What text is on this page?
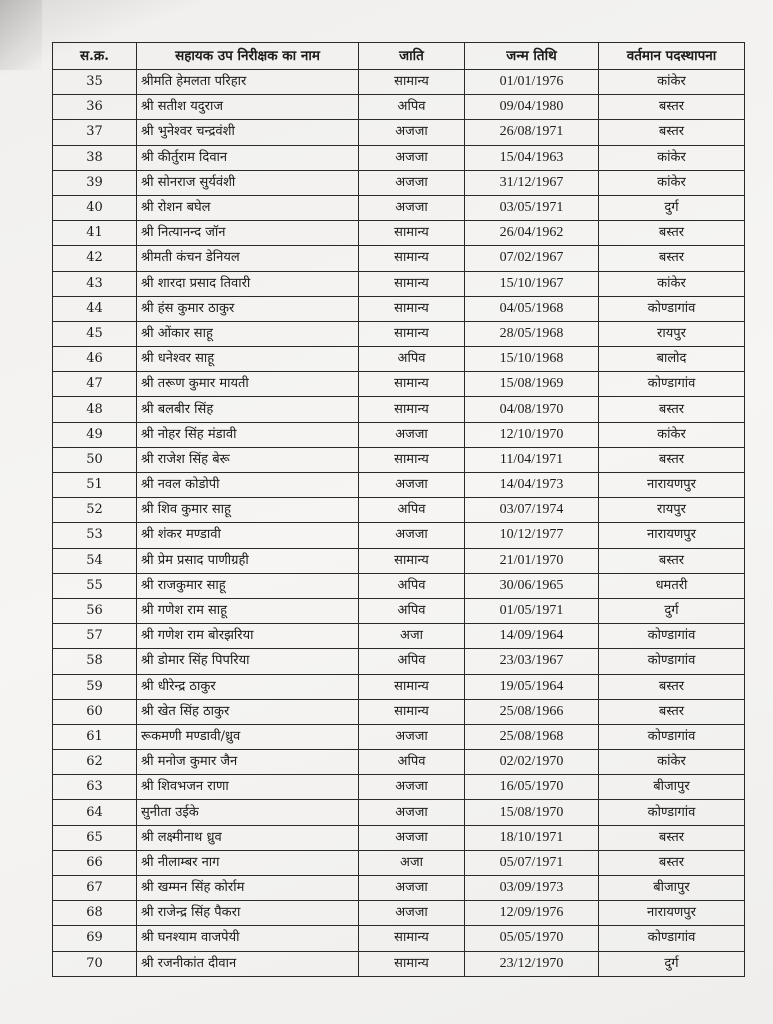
स.क्र.	सहायक उप निरीक्षक का नाम	जाति	जन्म तिथि	वर्तमान पदस्थापना
35	श्रीमति हेमलता परिहार	सामान्य	01/01/1976	कांकेर
36	श्री सतीश यदुराज	अपिव	09/04/1980	बस्तर
37	श्री भुनेश्वर चन्द्रवंशी	अजजा	26/08/1971	बस्तर
38	श्री कीर्तुराम दिवान	अजजा	15/04/1963	कांकेर
39	श्री सोनराज सुर्यवंशी	अजजा	31/12/1967	कांकेर
40	श्री रोशन बघेल	अजजा	03/05/1971	दुर्ग
41	श्री नित्यानन्द जॉन	सामान्य	26/04/1962	बस्तर
42	श्रीमती कंचन डेनियल	सामान्य	07/02/1967	बस्तर
43	श्री शारदा प्रसाद तिवारी	सामान्य	15/10/1967	कांकेर
44	श्री हंस कुमार ठाकुर	सामान्य	04/05/1968	कोण्डागांव
45	श्री ओंकार साहू	सामान्य	28/05/1968	रायपुर
46	श्री धनेश्वर साहू	अपिव	15/10/1968	बालोद
47	श्री तरूण कुमार मायती	सामान्य	15/08/1969	कोण्डागांव
48	श्री बलबीर सिंह	सामान्य	04/08/1970	बस्तर
49	श्री नोहर सिंह मंडावी	अजजा	12/10/1970	कांकेर
50	श्री राजेश सिंह बेरू	सामान्य	11/04/1971	बस्तर
51	श्री नवल कोडोपी	अजजा	14/04/1973	नारायणपुर
52	श्री शिव कुमार साहू	अपिव	03/07/1974	रायपुर
53	श्री शंकर मण्डावी	अजजा	10/12/1977	नारायणपुर
54	श्री प्रेम प्रसाद पाणीग्रही	सामान्य	21/01/1970	बस्तर
55	श्री राजकुमार साहू	अपिव	30/06/1965	धमतरी
56	श्री गणेश राम साहू	अपिव	01/05/1971	दुर्ग
57	श्री गणेश राम बोरझरिया	अजा	14/09/1964	कोण्डागांव
58	श्री डोमार सिंह पिपरिया	अपिव	23/03/1967	कोण्डागांव
59	श्री धीरेन्द्र ठाकुर	सामान्य	19/05/1964	बस्तर
60	श्री खेत सिंह ठाकुर	सामान्य	25/08/1966	बस्तर
61	रूकमणी मण्डावी/ध्रुव	अजजा	25/08/1968	कोण्डागांव
62	श्री मनोज कुमार जैन	अपिव	02/02/1970	कांकेर
63	श्री शिवभजन राणा	अजजा	16/05/1970	बीजापुर
64	सुनीता उईके	अजजा	15/08/1970	कोण्डागांव
65	श्री लक्ष्मीनाथ ध्रुव	अजजा	18/10/1971	बस्तर
66	श्री नीलाम्बर नाग	अजा	05/07/1971	बस्तर
67	श्री खम्मन सिंह कोर्राम	अजजा	03/09/1973	बीजापुर
68	श्री राजेन्द्र सिंह पैकरा	अजजा	12/09/1976	नारायणपुर
69	श्री घनश्याम वाजपेयी	सामान्य	05/05/1970	कोण्डागांव
70	श्री रजनीकांत दीवान	सामान्य	23/12/1970	दुर्ग
